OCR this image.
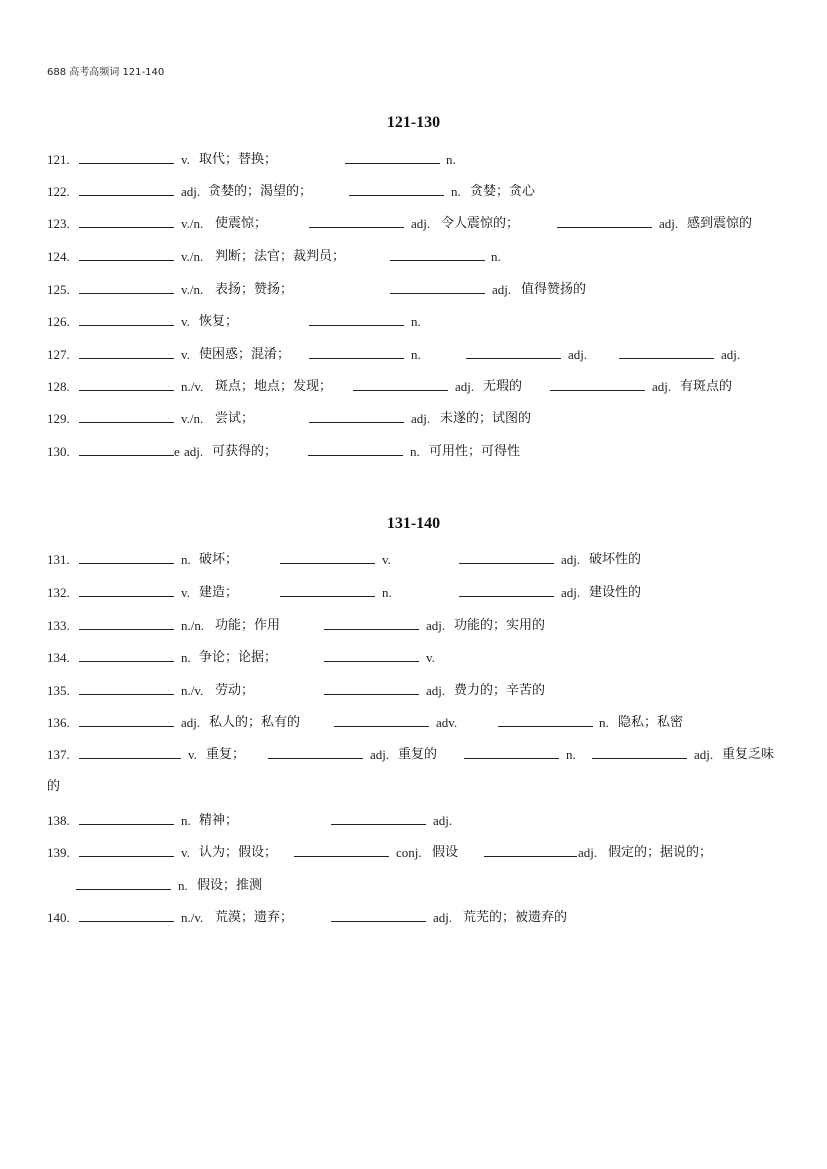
688 高考高频词 121-140
121-130
121.	v. 取代；替换；	n.
122.	adj. 贪婪的；渴望的；	n. 贪婪；贪心
123.	v./n. 使震惊；	adj. 令人震惊的；	adj. 感到震惊的
124.	v./n. 判断；法官；裁判员；	n.
125.	v./n. 表扬；赞扬；	adj. 值得赞扬的
126.	v. 恢复；	n.
127.	v. 使困惑；混淆；	n.	adj.	adj.
128.	n./v. 斑点；地点；发现；	adj. 无瑕的	adj. 有斑点的
129.	v./n. 尝试；	adj. 未遂的；试图的
130.	e adj. 可获得的；	n. 可用性；可得性
131-140
131.	n. 破坏；	v.	adj. 破坏性的
132.	v. 建造；	n.	adj. 建设性的
133.	n./n. 功能；作用	adj. 功能的；实用的
134.	n. 争论；论据；	v.
135.	n./v. 劳动；	adj. 费力的；辛苦的
136.	adj. 私人的；私有的	adv.	n. 隐私；私密
137.	v. 重复；	adj. 重复的	n.	adj. 重复乏味
的
138.	n. 精神；	adj.
139.	v. 认为；假设；	conj. 假设	adj. 假定的；据说的；
n. 假设；推测
140.	n./v. 荒漠；遗弃；	adj. 荒芜的；被遗弃的
